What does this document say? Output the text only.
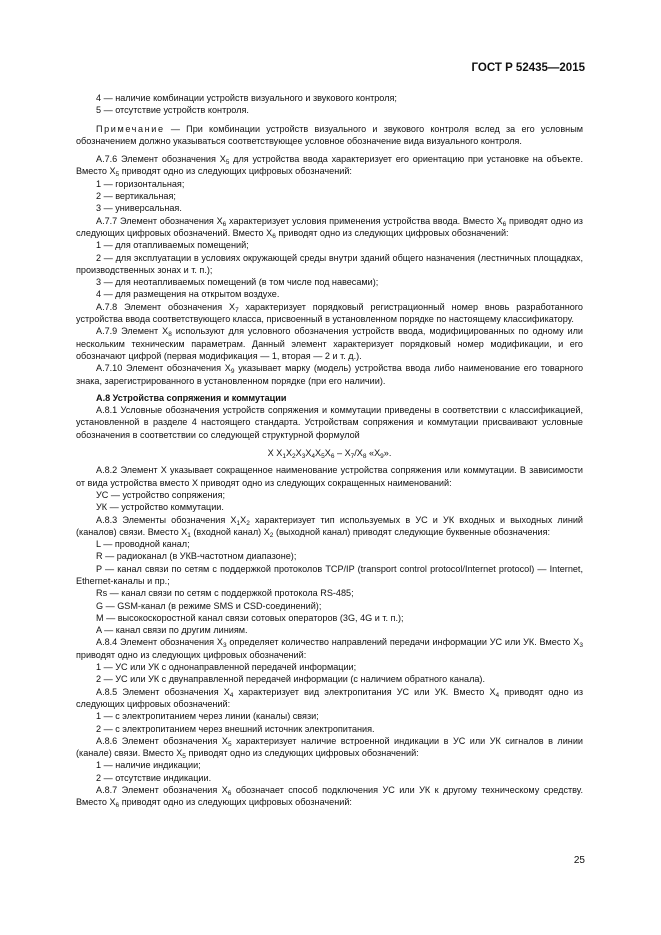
ГОСТ Р 52435—2015

4 — наличие комбинации устройств визуального и звукового контроля;

5 — отсутствие устройств контроля.

Примечание — При комбинации устройств визуального и звукового контроля вслед за его условным обозначением должно указываться соответствующее условное обозначение вида визуального контроля.

А.7.6 Элемент обозначения $Х_5$ для устройства ввода характеризует его ориентацию при установке на объекте. Вместо $Х_5$ приводят одно из следующих цифровых обозначений:

1 — горизонтальная;

2 — вертикальная;

3 — универсальная.

А.7.7 Элемент обозначения $Х_6$ характеризует условия применения устройства ввода. Вместо $Х_6$ приводят одно из следующих цифровых обозначений. Вместо $Х_6$ приводят одно из следующих цифровых обозначений:

1 — для отапливаемых помещений;

2 — для эксплуатации в условиях окружающей среды внутри зданий общего назначения (лестничных площадках, производственных зонах и т. п.);

3 — для неотапливаемых помещений (в том числе под навесами);

4 — для размещения на открытом воздухе.

А.7.8 Элемент обозначения $Х_7$ характеризует порядковый регистрационный номер вновь разработанного устройства ввода соответствующего класса, присвоенный в установленном порядке по настоящему классификатору.

А.7.9 Элемент $Х_8$ используют для условного обозначения устройств ввода, модифицированных по одному или нескольким техническим параметрам. Данный элемент характеризует порядковый номер модификации, и его обозначают цифрой (первая модификация — 1, вторая — 2 и т. д.).

А.7.10 Элемент обозначения $Х_9$ указывает марку (модель) устройства ввода либо наименование его товарного знака, зарегистрированного в установленном порядке (при его наличии).

А.8 Устройства сопряжения и коммутации

А.8.1 Условные обозначения устройств сопряжения и коммутации приведены в соответствии с классификацией, установленной в разделе 4 настоящего стандарта. Устройствам сопряжения и коммутации присваивают условные обозначения в соответствии со следующей структурной формулой

Х $Х_1Х_2Х_3Х_4Х_5Х_6 - Х_7/Х_8$ «$Х_9$».

А.8.2 Элемент Х указывает сокращенное наименование устройства сопряжения или коммутации. В зависимости от вида устройства вместо Х приводят одно из следующих сокращенных наименований:

УС — устройство сопряжения;

УК — устройство коммутации.

А.8.3 Элементы обозначения $Х_1Х_2$ характеризует тип используемых в УС и УК входных и выходных линий (каналов) связи. Вместо $Х_1$ (входной канал) $Х_2$ (выходной канал) приводят следующие буквенные обозначения:

L — проводной канал;

R — радиоканал (в УКВ-частотном диапазоне);

P — канал связи по сетям с поддержкой протоколов TCP/IP (transport control protocol/Internet protocol) — Internet, Ethernet-каналы и пр.;

Rs — канал связи по сетям с поддержкой протокола RS-485;

G — GSM-канал (в режиме SMS и CSD-соединений);

M — высокоскоростной канал связи сотовых операторов (3G, 4G и т. п.);

A — канал связи по другим линиям.

А.8.4 Элемент обозначения $Х_3$ определяет количество направлений передачи информации УС или УК. Вместо $Х_3$ приводят одно из следующих цифровых обозначений:

1 — УС или УК с однонаправленной передачей информации;

2 — УС или УК с двунаправленной передачей информации (с наличием обратного канала).

А.8.5 Элемент обозначения $Х_4$ характеризует вид электропитания УС или УК. Вместо $Х_4$ приводят одно из следующих цифровых обозначений:

1 — с электропитанием через линии (каналы) связи;

2 — с электропитанием через внешний источник электропитания.

А.8.6 Элемент обозначения $Х_5$ характеризует наличие встроенной индикации в УС или УК сигналов в линии (канале) связи. Вместо $Х_5$ приводят одно из следующих цифровых обозначений:

1 — наличие индикации;

2 — отсутствие индикации.

А.8.7 Элемент обозначения $Х_6$ обозначает способ подключения УС или УК к другому техническому средству. Вместо $Х_6$ приводят одно из следующих цифровых обозначений:

25
